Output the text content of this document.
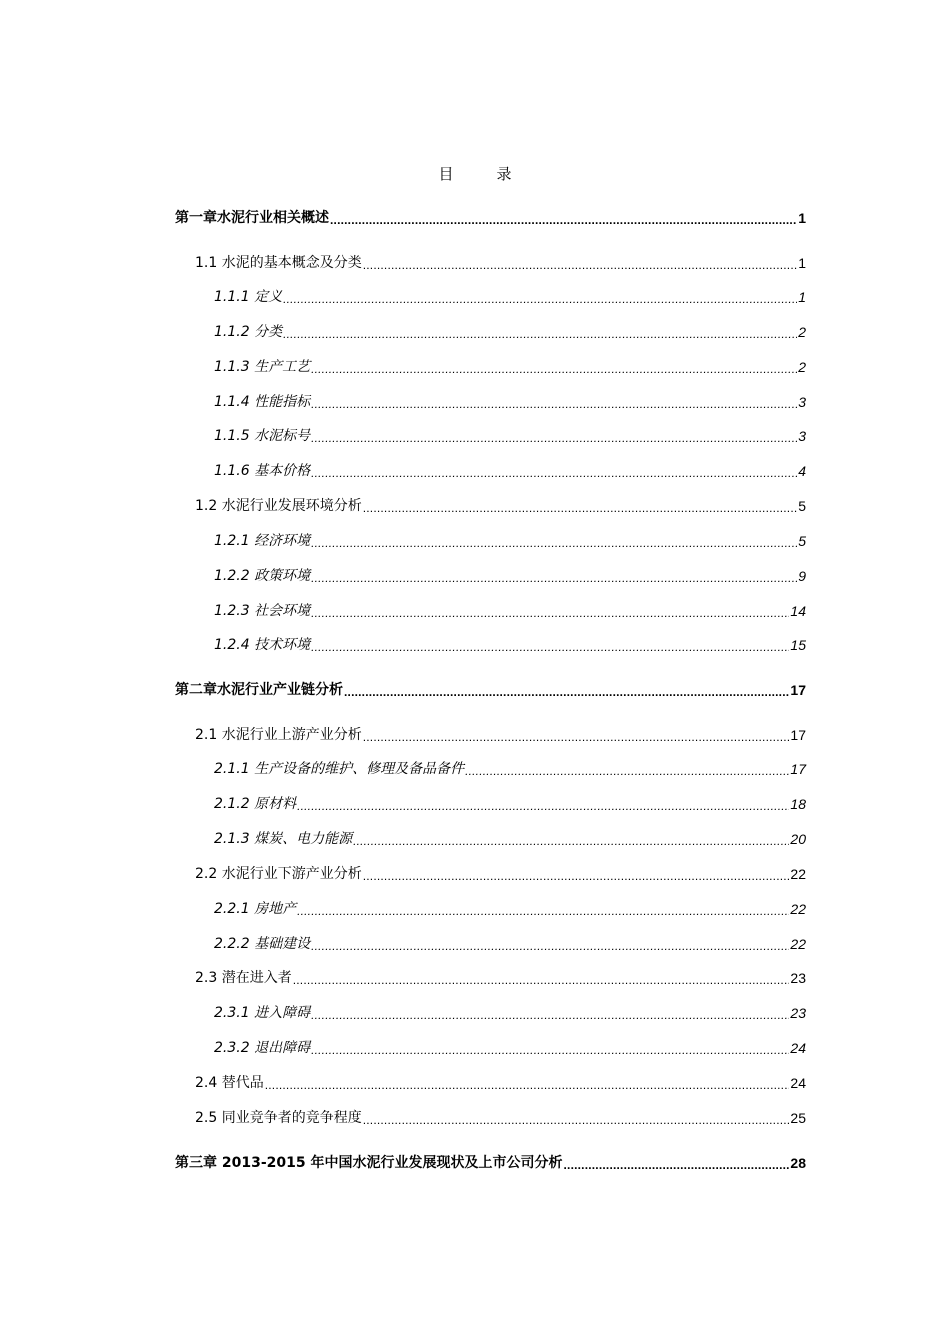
目　录
第一章水泥行业相关概述 .....	1
1.1 水泥的基本概念及分类 .....	1
1.1.1 定义 .....	1
1.1.2 分类 .....	2
1.1.3 生产工艺 .....	2
1.1.4 性能指标 .....	3
1.1.5 水泥标号 .....	3
1.1.6 基本价格 .....	4
1.2 水泥行业发展环境分析 .....	5
1.2.1 经济环境 .....	5
1.2.2 政策环境 .....	9
1.2.3 社会环境 .....	14
1.2.4 技术环境 .....	15
第二章水泥行业产业链分析 .....	17
2.1 水泥行业上游产业分析 .....	17
2.1.1 生产设备的维护、修理及备品备件 .....	17
2.1.2 原材料 .....	18
2.1.3 煤炭、电力能源 .....	20
2.2 水泥行业下游产业分析 .....	22
2.2.1 房地产 .....	22
2.2.2 基础建设 .....	22
2.3 潜在进入者 .....	23
2.3.1 进入障碍 .....	23
2.3.2 退出障碍 .....	24
2.4 替代品 .....	24
2.5 同业竞争者的竞争程度 .....	25
第三章 2013-2015 年中国水泥行业发展现状及上市公司分析 .....	28
